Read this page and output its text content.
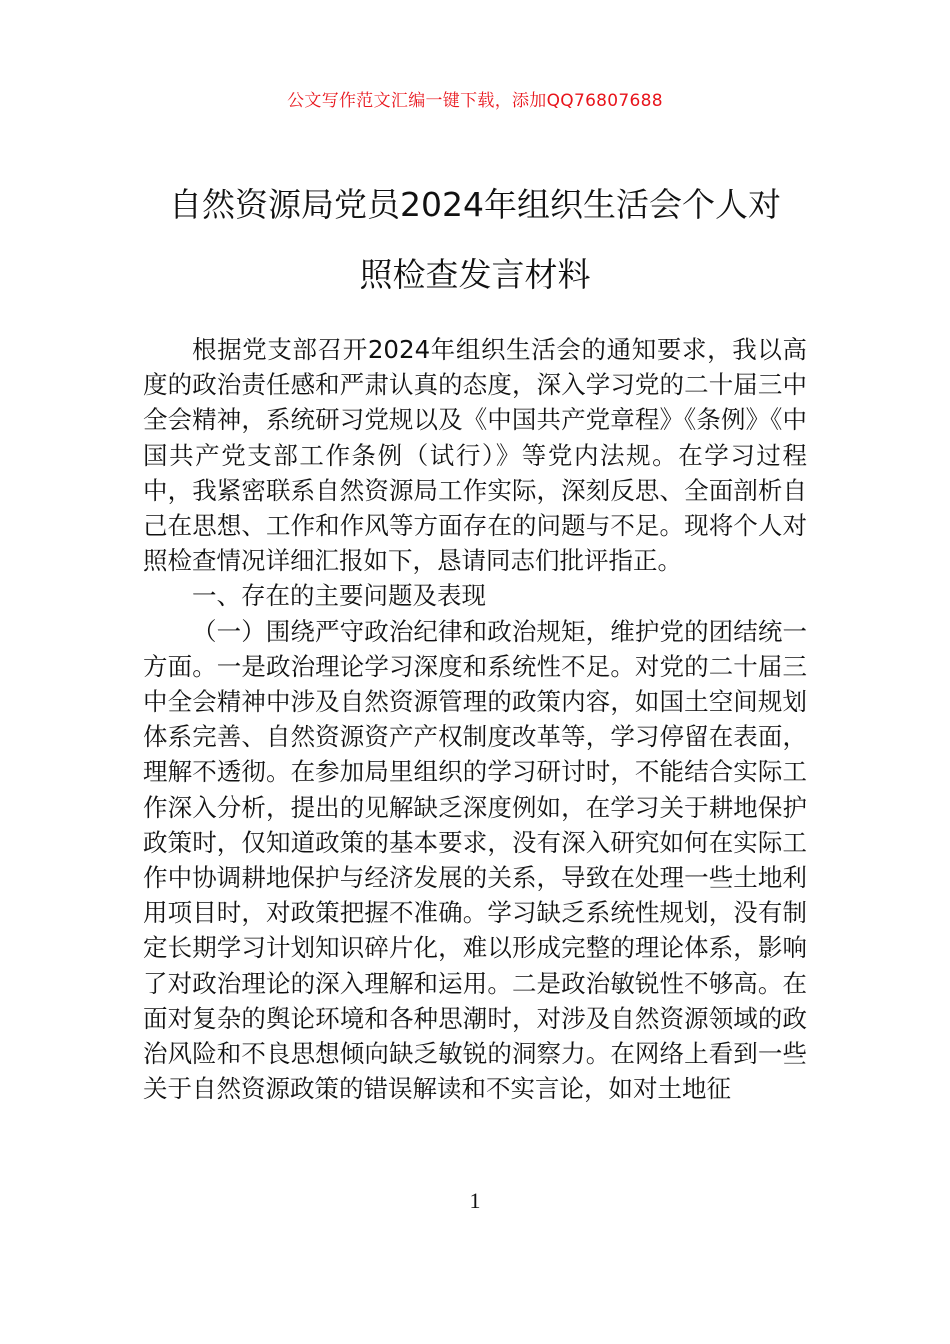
公文写作范文汇编一键下载，添加QQ76807688
自然资源局党员2024年组织生活会个人对
照检查发言材料

根据党支部召开2024年组织生活会的通知要求，我以高度的政治责任感和严肃认真的态度，深入学习党的二十届三中全会精神，系统研习党规以及《中国共产党章程》《条例》《中国共产党支部工作条例（试行）》等党内法规。在学习过程中，我紧密联系自然资源局工作实际，深刻反思、全面剖析自己在思想、工作和作风等方面存在的问题与不足。现将个人对照检查情况详细汇报如下，恳请同志们批评指正。

一、存在的主要问题及表现

（一）围绕严守政治纪律和政治规矩，维护党的团结统一方面。一是政治理论学习深度和系统性不足。对党的二十届三中全会精神中涉及自然资源管理的政策内容，如国土空间规划体系完善、自然资源资产产权制度改革等，学习停留在表面，理解不透彻。在参加局里组织的学习研讨时，不能结合实际工作深入分析，提出的见解缺乏深度例如，在学习关于耕地保护政策时，仅知道政策的基本要求，没有深入研究如何在实际工作中协调耕地保护与经济发展的关系，导致在处理一些土地利用项目时，对政策把握不准确。学习缺乏系统性规划，没有制定长期学习计划知识碎片化，难以形成完整的理论体系，影响了对政治理论的深入理解和运用。二是政治敏锐性不够高。在面对复杂的舆论环境和各种思潮时，对涉及自然资源领域的政治风险和不良思想倾向缺乏敏锐的洞察力。在网络上看到一些关于自然资源政策的错误解读和不实言论，如对土地征

1
